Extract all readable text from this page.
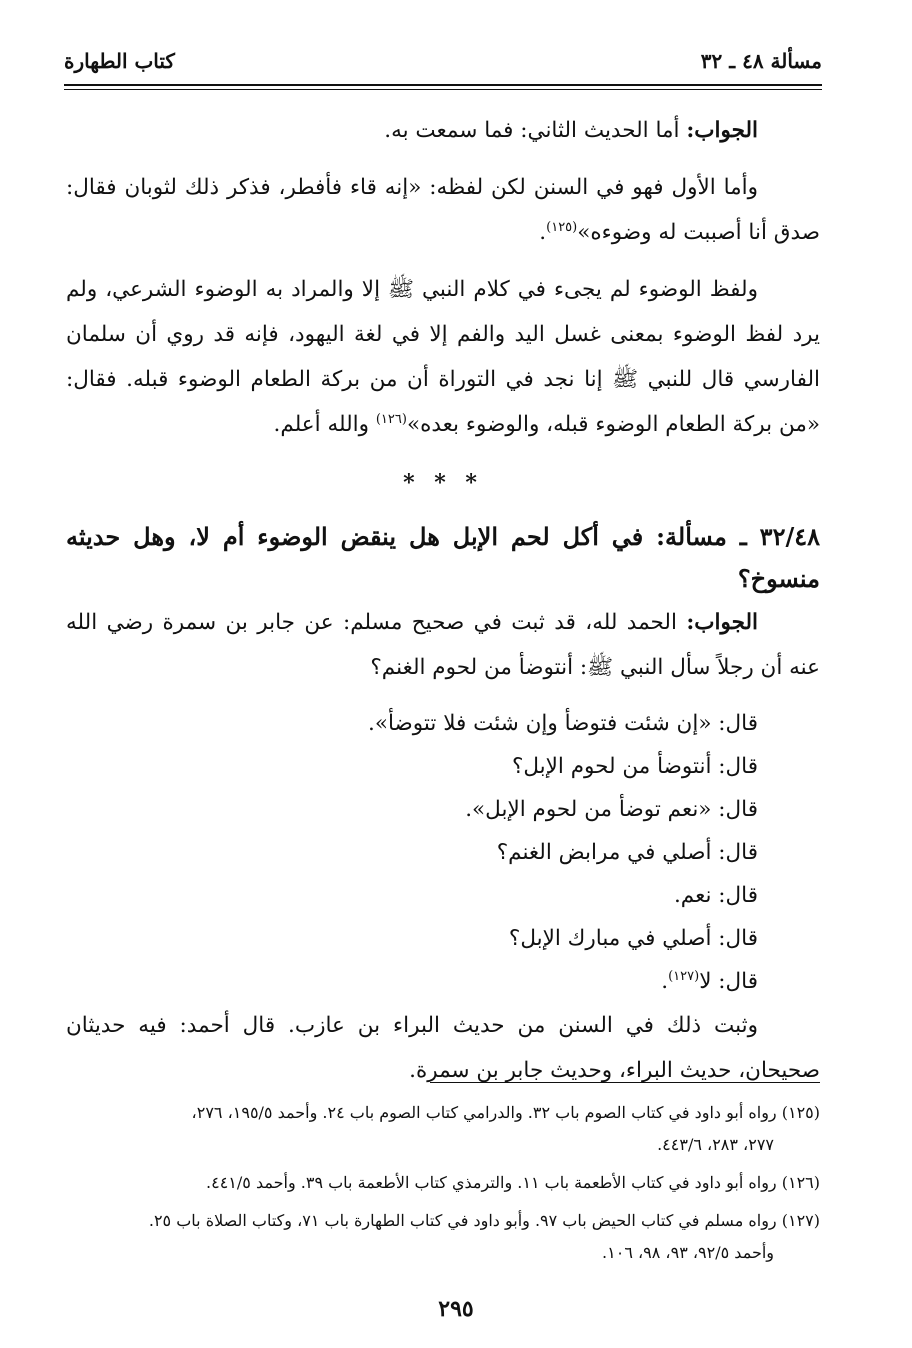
مسألة ٤٨ ـ ٣٢
كتاب الطهارة

الجواب: أما الحديث الثاني: فما سمعت به.

وأما الأول فهو في السنن لكن لفظه: «إنه قاء فأفطر، فذكر ذلك لثوبان فقال: صدق أنا أصببت له وضوءه»$^{(١٢٥)}$.

ولفظ الوضوء لم يجىء في كلام النبي ﷺ إلا والمراد به الوضوء الشرعي، ولم يرد لفظ الوضوء بمعنى غسل اليد والفم إلا في لغة اليهود، فإنه قد روي أن سلمان الفارسي قال للنبي ﷺ إنا نجد في التوراة أن من بركة الطعام الوضوء قبله. فقال: «من بركة الطعام الوضوء قبله، والوضوء بعده»$^{(١٢٦)}$ والله أعلم.

* * *

٣٢/٤٨ ـ مسألة: في أكل لحم الإبل هل ينقض الوضوء أم لا، وهل حديثه منسوخ؟

الجواب: الحمد لله، قد ثبت في صحيح مسلم: عن جابر بن سمرة رضي الله عنه أن رجلاً سأل النبي ﷺ: أنتوضأ من لحوم الغنم؟

قال: «إن شئت فتوضأ وإن شئت فلا تتوضأ».
قال: أنتوضأ من لحوم الإبل؟
قال: «نعم توضأ من لحوم الإبل».
قال: أصلي في مرابض الغنم؟
قال: نعم.
قال: أصلي في مبارك الإبل؟
قال: لا$^{(١٢٧)}$.

وثبت ذلك في السنن من حديث البراء بن عازب. قال أحمد: فيه حديثان صحيحان، حديث البراء، وحديث جابر بن سمرة.

(١٢٥) رواه أبو داود في كتاب الصوم باب ٣٢. والدرامي كتاب الصوم باب ٢٤. وأحمد ١٩٥/٥، ٢٧٦،
٢٧٧، ٢٨٣، ٤٤٣/٦.

(١٢٦) رواه أبو داود في كتاب الأطعمة باب ١١. والترمذي كتاب الأطعمة باب ٣٩. وأحمد ٤٤١/٥.

(١٢٧) رواه مسلم في كتاب الحيض باب ٩٧. وأبو داود في كتاب الطهارة باب ٧١، وكتاب الصلاة باب ٢٥.
وأحمد ٩٢/٥، ٩٣، ٩٨، ١٠٦.

٢٩٥
